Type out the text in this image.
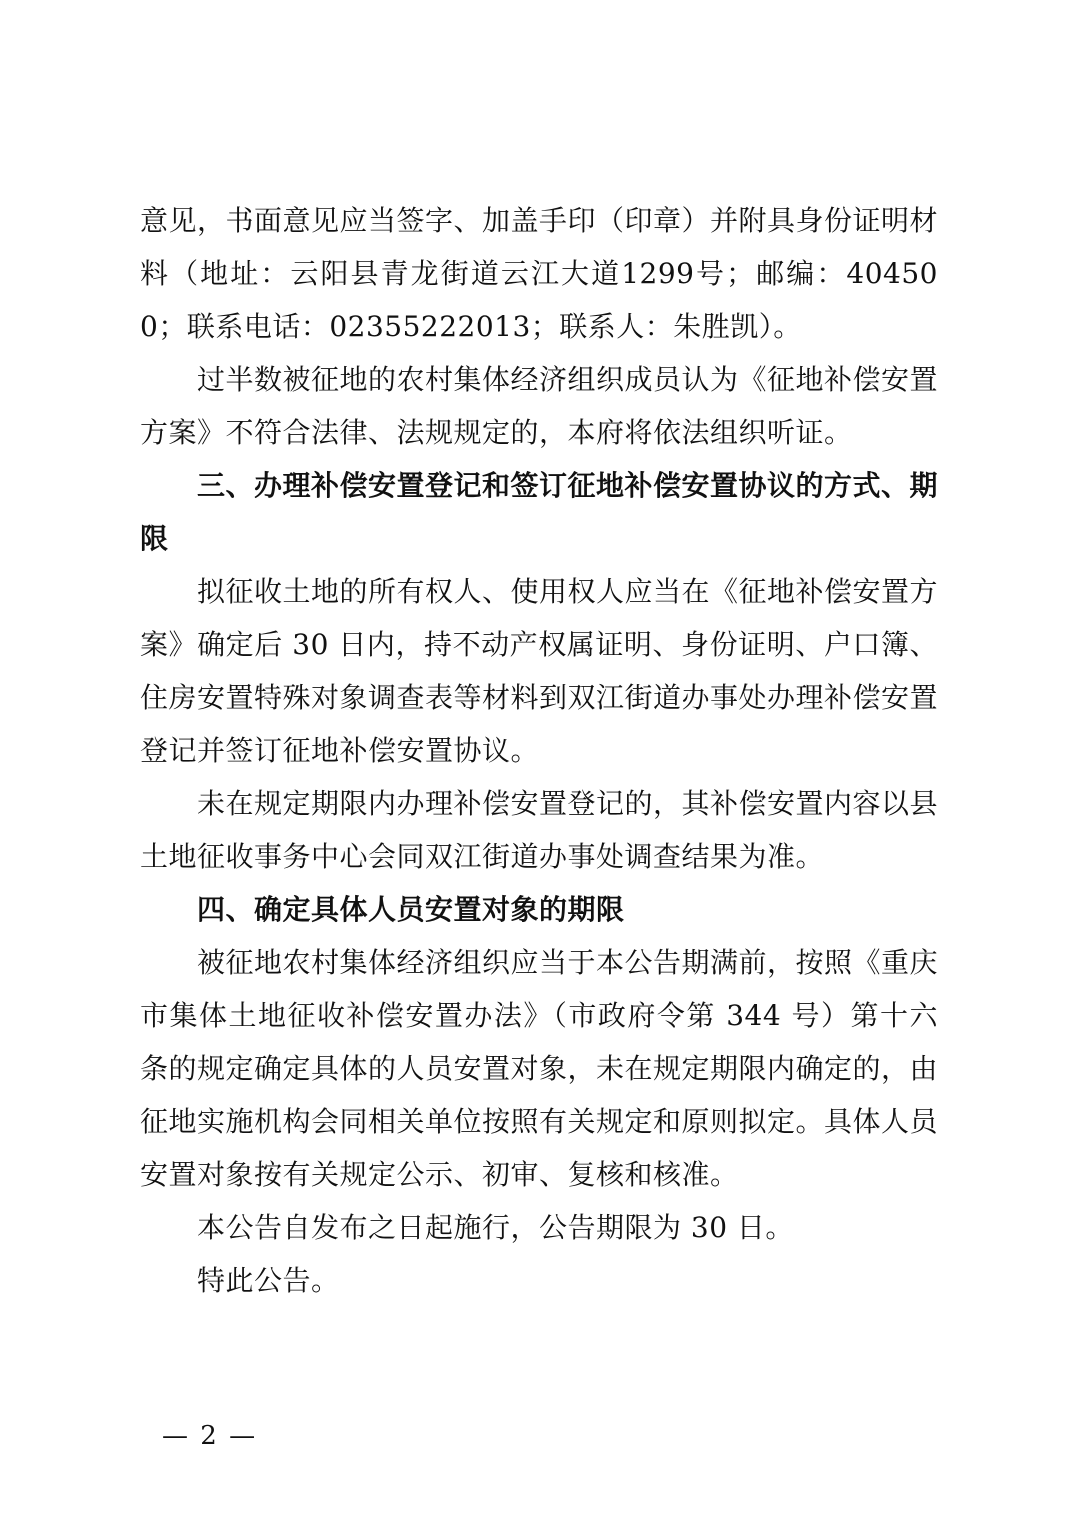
意见，书面意见应当签字、加盖手印（印章）并附具身份证明材料（地址：云阳县青龙街道云江大道1299号；邮编：404500；联系电话：02355222013；联系人：朱胜凯）。

过半数被征地的农村集体经济组织成员认为《征地补偿安置方案》不符合法律、法规规定的，本府将依法组织听证。

三、办理补偿安置登记和签订征地补偿安置协议的方式、期限

拟征收土地的所有权人、使用权人应当在《征地补偿安置方案》确定后 30 日内，持不动产权属证明、身份证明、户口簿、住房安置特殊对象调查表等材料到双江街道办事处办理补偿安置登记并签订征地补偿安置协议。

未在规定期限内办理补偿安置登记的，其补偿安置内容以县土地征收事务中心会同双江街道办事处调查结果为准。

四、确定具体人员安置对象的期限

被征地农村集体经济组织应当于本公告期满前，按照《重庆市集体土地征收补偿安置办法》（市政府令第 344 号）第十六条的规定确定具体的人员安置对象，未在规定期限内确定的，由征地实施机构会同相关单位按照有关规定和原则拟定。具体人员安置对象按有关规定公示、初审、复核和核准。

本公告自发布之日起施行，公告期限为 30 日。

特此公告。

— 2 —
